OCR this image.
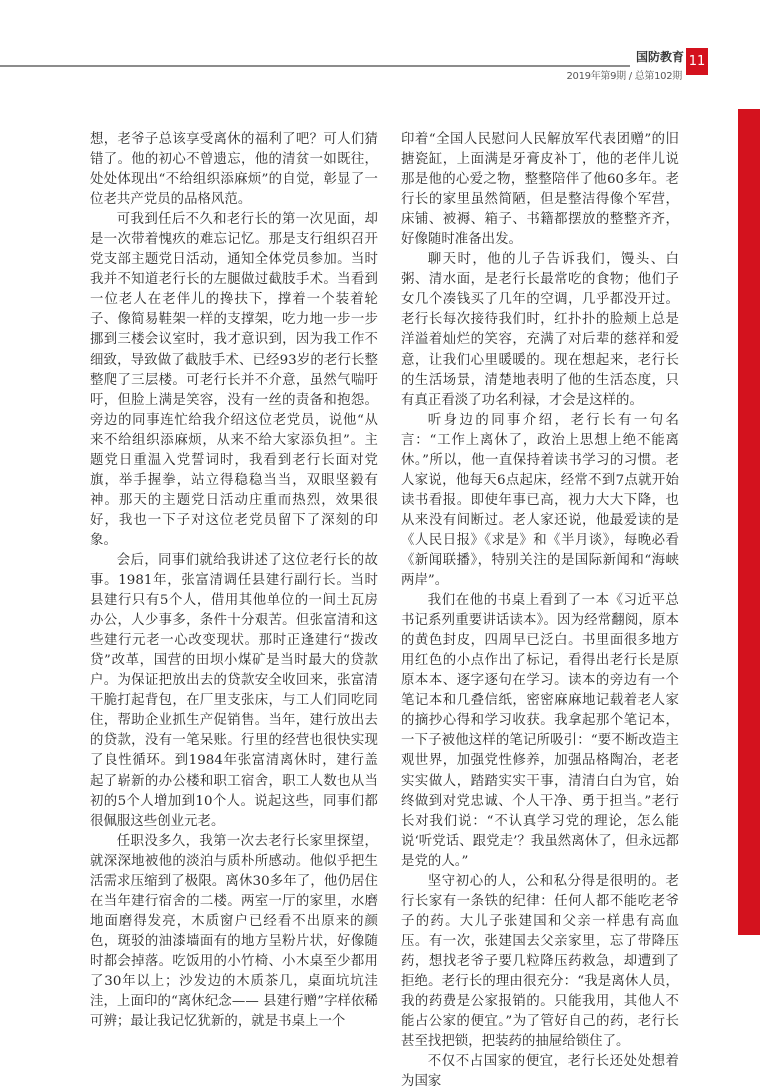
国防教育
2019年第9期 / 总第102期
11

想，老爷子总该享受离休的福利了吧？可人们猜错了。他的初心不曾遗忘，他的清贫一如既往，处处体现出“不给组织添麻烦”的自觉，彰显了一位老共产党员的品格风范。

可我到任后不久和老行长的第一次见面，却是一次带着愧疚的难忘记忆。那是支行组织召开党支部主题党日活动，通知全体党员参加。当时我并不知道老行长的左腿做过截肢手术。当看到一位老人在老伴儿的搀扶下，撑着一个装着轮子、像简易鞋架一样的支撑架，吃力地一步一步挪到三楼会议室时，我才意识到，因为我工作不细致，导致做了截肢手术、已经93岁的老行长整整爬了三层楼。可老行长并不介意，虽然气喘吁吁，但脸上满是笑容，没有一丝的责备和抱怨。旁边的同事连忙给我介绍这位老党员，说他“从来不给组织添麻烦，从来不给大家添负担”。主题党日重温入党誓词时，我看到老行长面对党旗，举手握拳，站立得稳稳当当，双眼坚毅有神。那天的主题党日活动庄重而热烈，效果很好，我也一下子对这位老党员留下了深刻的印象。

会后，同事们就给我讲述了这位老行长的故事。1981年，张富清调任县建行副行长。当时县建行只有5个人，借用其他单位的一间土瓦房办公，人少事多，条件十分艰苦。但张富清和这些建行元老一心改变现状。那时正逢建行“拨改贷”改革，国营的田坝小煤矿是当时最大的贷款户。为保证把放出去的贷款安全收回来，张富清干脆打起背包，在厂里支张床，与工人们同吃同住，帮助企业抓生产促销售。当年，建行放出去的贷款，没有一笔呆账。行里的经营也很快实现了良性循环。到1984年张富清离休时，建行盖起了崭新的办公楼和职工宿舍，职工人数也从当初的5个人增加到10个人。说起这些，同事们都很佩服这些创业元老。

任职没多久，我第一次去老行长家里探望，就深深地被他的淡泊与质朴所感动。他似乎把生活需求压缩到了极限。离休30多年了，他仍居住在当年建行宿舍的二楼。两室一厅的家里，水磨地面磨得发亮，木质窗户已经看不出原来的颜色，斑驳的油漆墙面有的地方呈粉片状，好像随时都会掉落。吃饭用的小竹椅、小木桌至少都用了30年以上；沙发边的木质茶几，桌面坑坑洼洼，上面印的“离休纪念—— 县建行赠”字样依稀可辨；最让我记忆犹新的，就是书桌上一个

印着“全国人民慰问人民解放军代表团赠”的旧搪瓷缸，上面满是牙膏皮补丁，他的老伴儿说那是他的心爱之物，整整陪伴了他60多年。老行长的家里虽然简陋，但是整洁得像个军营，床铺、被褥、箱子、书籍都摆放的整整齐齐，好像随时准备出发。

聊天时，他的儿子告诉我们，馒头、白粥、清水面，是老行长最常吃的食物；他们子女几个凑钱买了几年的空调，几乎都没开过。老行长每次接待我们时，红扑扑的脸颊上总是洋溢着灿烂的笑容，充满了对后辈的慈祥和爱意，让我们心里暖暖的。现在想起来，老行长的生活场景，清楚地表明了他的生活态度，只有真正看淡了功名利禄，才会是这样的。

听身边的同事介绍，老行长有一句名言：“工作上离休了，政治上思想上绝不能离休。”所以，他一直保持着读书学习的习惯。老人家说，他每天6点起床，经常不到7点就开始读书看报。即使年事已高，视力大大下降，也从来没有间断过。老人家还说，他最爱读的是《人民日报》《求是》和《半月谈》，每晚必看《新闻联播》，特别关注的是国际新闻和“海峡两岸”。

我们在他的书桌上看到了一本《习近平总书记系列重要讲话读本》。因为经常翻阅，原本的黄色封皮，四周早已泛白。书里面很多地方用红色的小点作出了标记，看得出老行长是原原本本、逐字逐句在学习。读本的旁边有一个笔记本和几叠信纸，密密麻麻地记载着老人家的摘抄心得和学习收获。我拿起那个笔记本，一下子被他这样的笔记所吸引：“要不断改造主观世界，加强党性修养，加强品格陶冶，老老实实做人，踏踏实实干事，清清白白为官，始终做到对党忠诚、个人干净、勇于担当。”老行长对我们说：“不认真学习党的理论，怎么能说‘听党话、跟党走’？我虽然离休了，但永远都是党的人。”

坚守初心的人，公和私分得是很明的。老行长家有一条铁的纪律：任何人都不能吃老爷子的药。大儿子张建国和父亲一样患有高血压。有一次，张建国去父亲家里，忘了带降压药，想找老爷子要几粒降压药救急，却遭到了拒绝。老行长的理由很充分：“我是离休人员，我的药费是公家报销的。只能我用，其他人不能占公家的便宜。”为了管好自己的药，老行长甚至找把锁，把装药的抽屉给锁住了。

不仅不占国家的便宜，老行长还处处想着为国家
